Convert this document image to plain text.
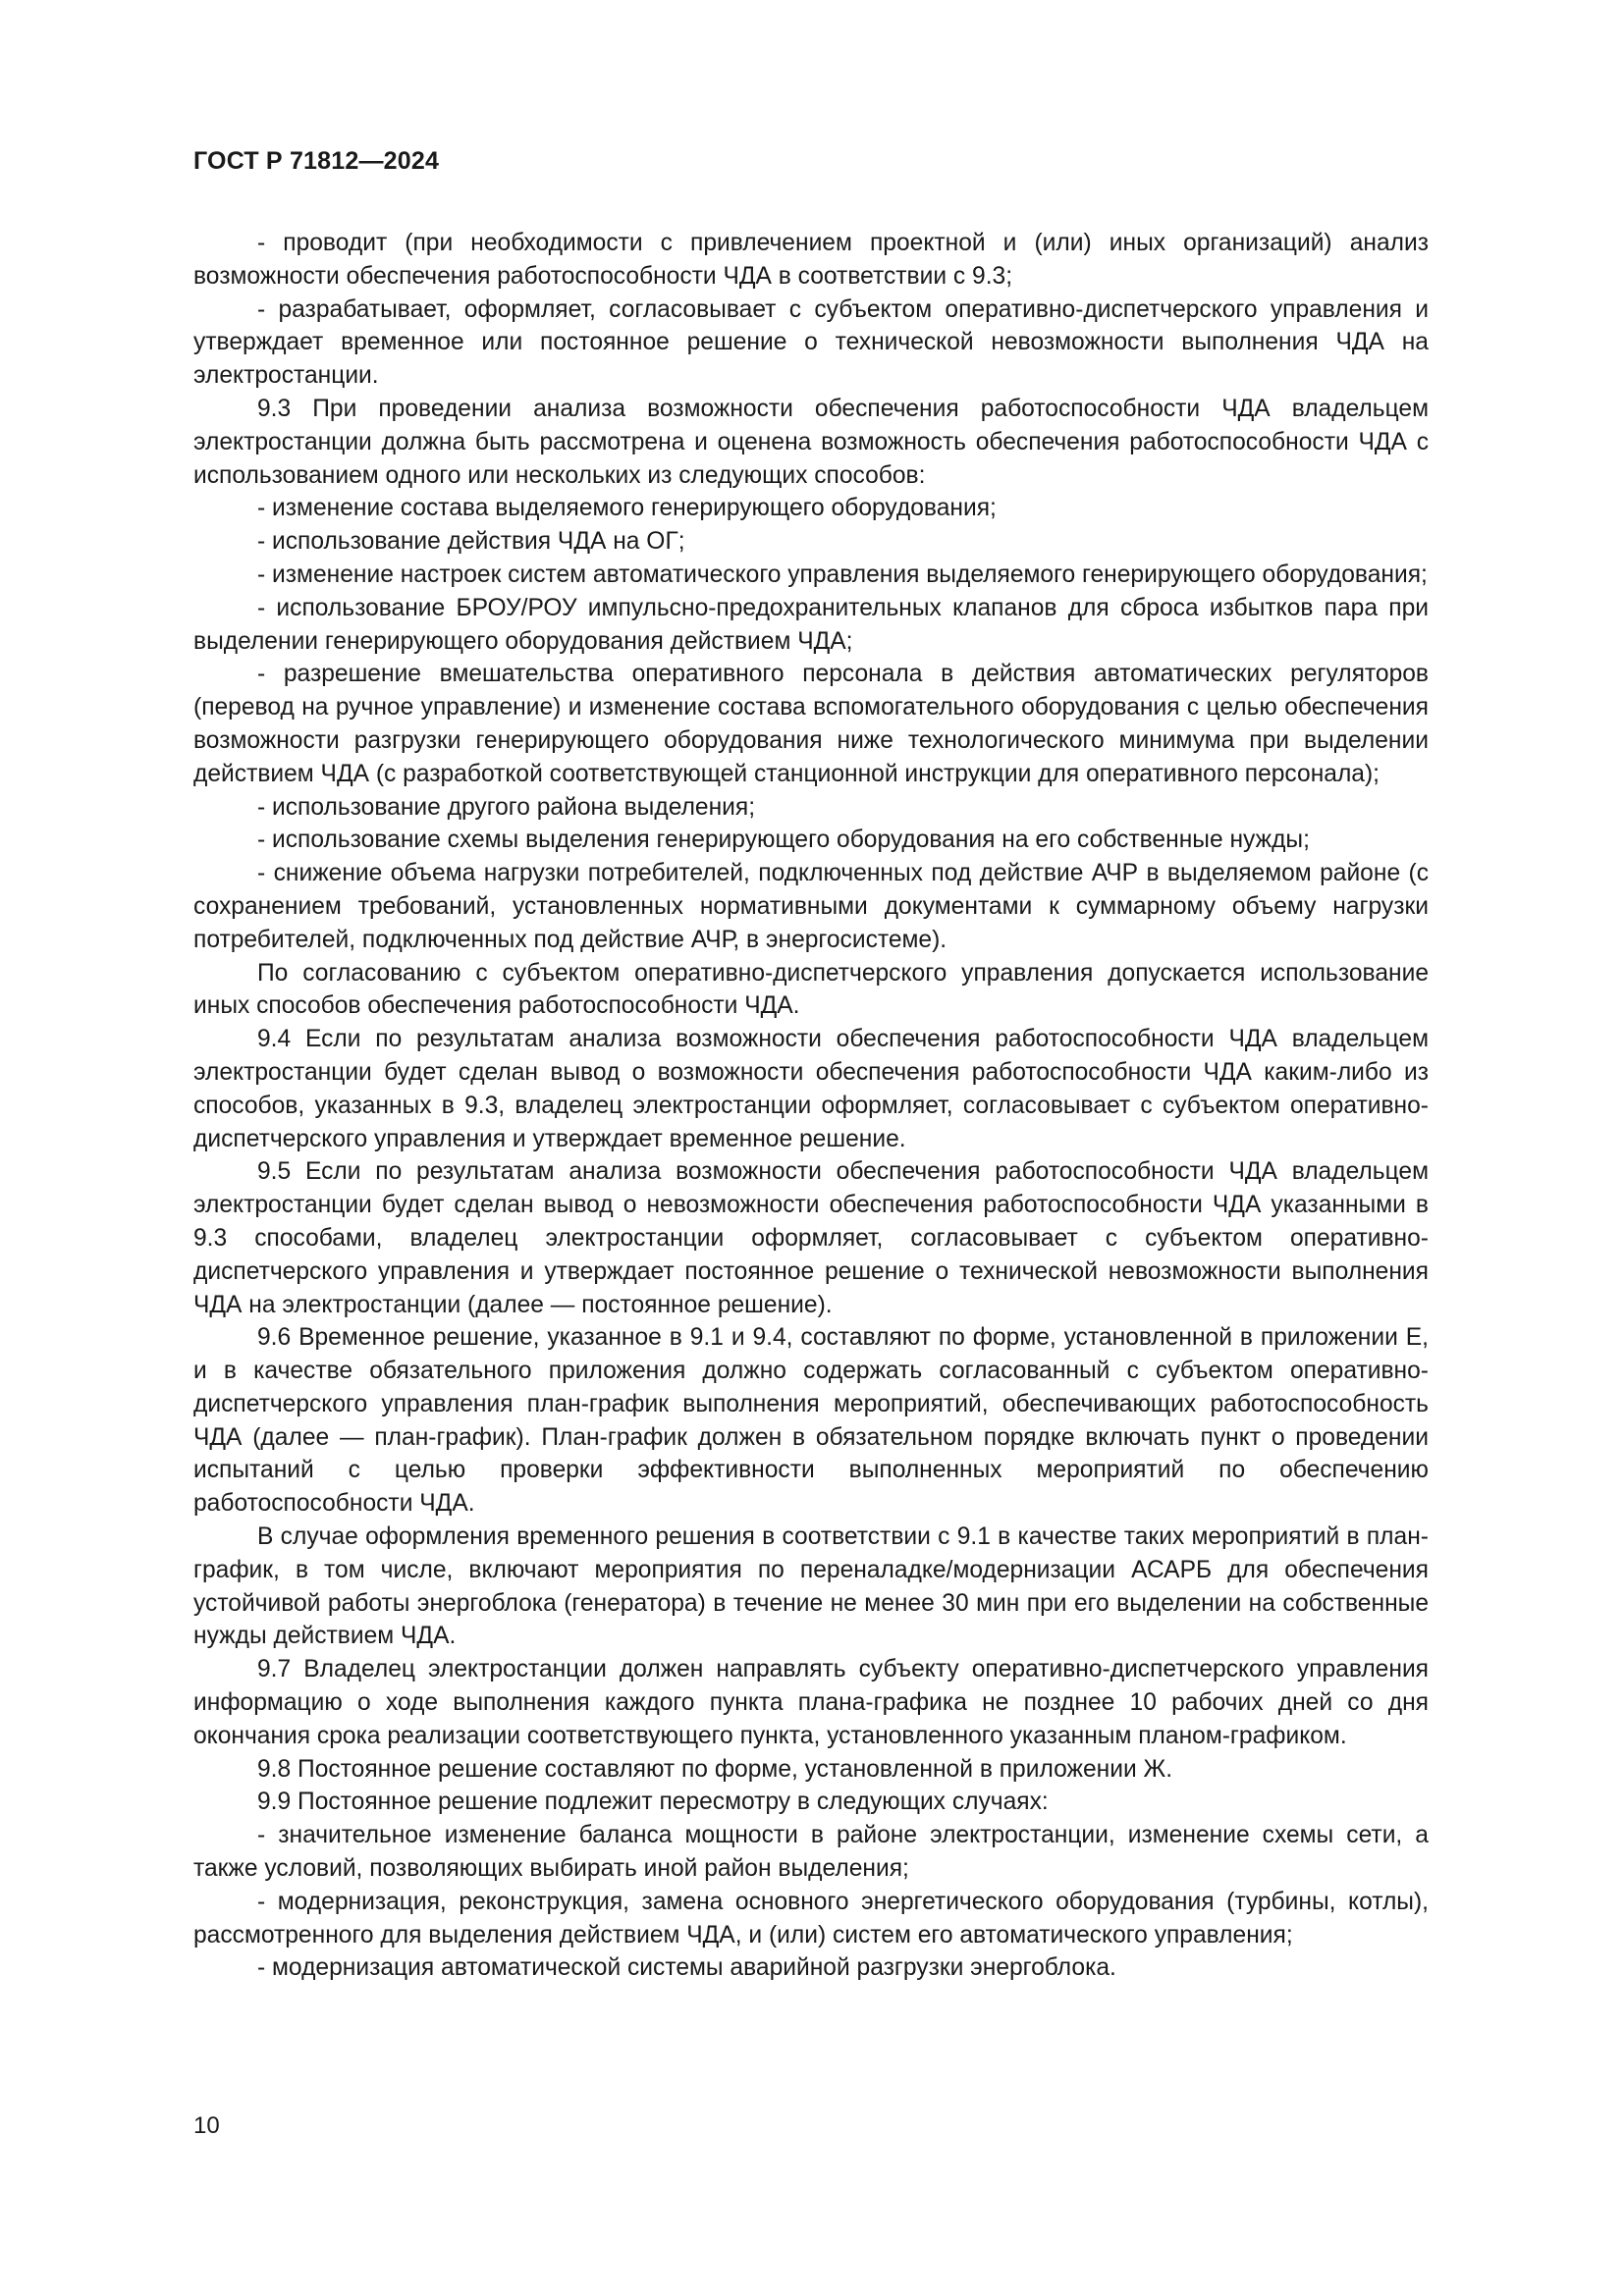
ГОСТ Р 71812—2024

- проводит (при необходимости с привлечением проектной и (или) иных организаций) анализ возможности обеспечения работоспособности ЧДА в соответствии с 9.3;

- разрабатывает, оформляет, согласовывает с субъектом оперативно-диспетчерского управления и утверждает временное или постоянное решение о технической невозможности выполнения ЧДА на электростанции.

9.3 При проведении анализа возможности обеспечения работоспособности ЧДА владельцем электростанции должна быть рассмотрена и оценена возможность обеспечения работоспособности ЧДА с использованием одного или нескольких из следующих способов:

- изменение состава выделяемого генерирующего оборудования;

- использование действия ЧДА на ОГ;

- изменение настроек систем автоматического управления выделяемого генерирующего оборудования;

- использование БРОУ/РОУ импульсно-предохранительных клапанов для сброса избытков пара при выделении генерирующего оборудования действием ЧДА;

- разрешение вмешательства оперативного персонала в действия автоматических регуляторов (перевод на ручное управление) и изменение состава вспомогательного оборудования с целью обеспечения возможности разгрузки генерирующего оборудования ниже технологического минимума при выделении действием ЧДА (с разработкой соответствующей станционной инструкции для оперативного персонала);

- использование другого района выделения;

- использование схемы выделения генерирующего оборудования на его собственные нужды;

- снижение объема нагрузки потребителей, подключенных под действие АЧР в выделяемом районе (с сохранением требований, установленных нормативными документами к суммарному объему нагрузки потребителей, подключенных под действие АЧР, в энергосистеме).

По согласованию с субъектом оперативно-диспетчерского управления допускается использование иных способов обеспечения работоспособности ЧДА.

9.4 Если по результатам анализа возможности обеспечения работоспособности ЧДА владельцем электростанции будет сделан вывод о возможности обеспечения работоспособности ЧДА каким-либо из способов, указанных в 9.3, владелец электростанции оформляет, согласовывает с субъектом оперативно-диспетчерского управления и утверждает временное решение.

9.5 Если по результатам анализа возможности обеспечения работоспособности ЧДА владельцем электростанции будет сделан вывод о невозможности обеспечения работоспособности ЧДА указанными в 9.3 способами, владелец электростанции оформляет, согласовывает с субъектом оперативно-диспетчерского управления и утверждает постоянное решение о технической невозможности выполнения ЧДА на электростанции (далее — постоянное решение).

9.6 Временное решение, указанное в 9.1 и 9.4, составляют по форме, установленной в приложении Е, и в качестве обязательного приложения должно содержать согласованный с субъектом оперативно-диспетчерского управления план-график выполнения мероприятий, обеспечивающих работоспособность ЧДА (далее — план-график). План-график должен в обязательном порядке включать пункт о проведении испытаний с целью проверки эффективности выполненных мероприятий по обеспечению работоспособности ЧДА.

В случае оформления временного решения в соответствии с 9.1 в качестве таких мероприятий в план-график, в том числе, включают мероприятия по переналадке/модернизации АСАРБ для обеспечения устойчивой работы энергоблока (генератора) в течение не менее 30 мин при его выделении на собственные нужды действием ЧДА.

9.7 Владелец электростанции должен направлять субъекту оперативно-диспетчерского управления информацию о ходе выполнения каждого пункта плана-графика не позднее 10 рабочих дней со дня окончания срока реализации соответствующего пункта, установленного указанным планом-графиком.

9.8 Постоянное решение составляют по форме, установленной в приложении Ж.

9.9 Постоянное решение подлежит пересмотру в следующих случаях:

- значительное изменение баланса мощности в районе электростанции, изменение схемы сети, а также условий, позволяющих выбирать иной район выделения;

- модернизация, реконструкция, замена основного энергетического оборудования (турбины, котлы), рассмотренного для выделения действием ЧДА, и (или) систем его автоматического управления;

- модернизация автоматической системы аварийной разгрузки энергоблока.

10
